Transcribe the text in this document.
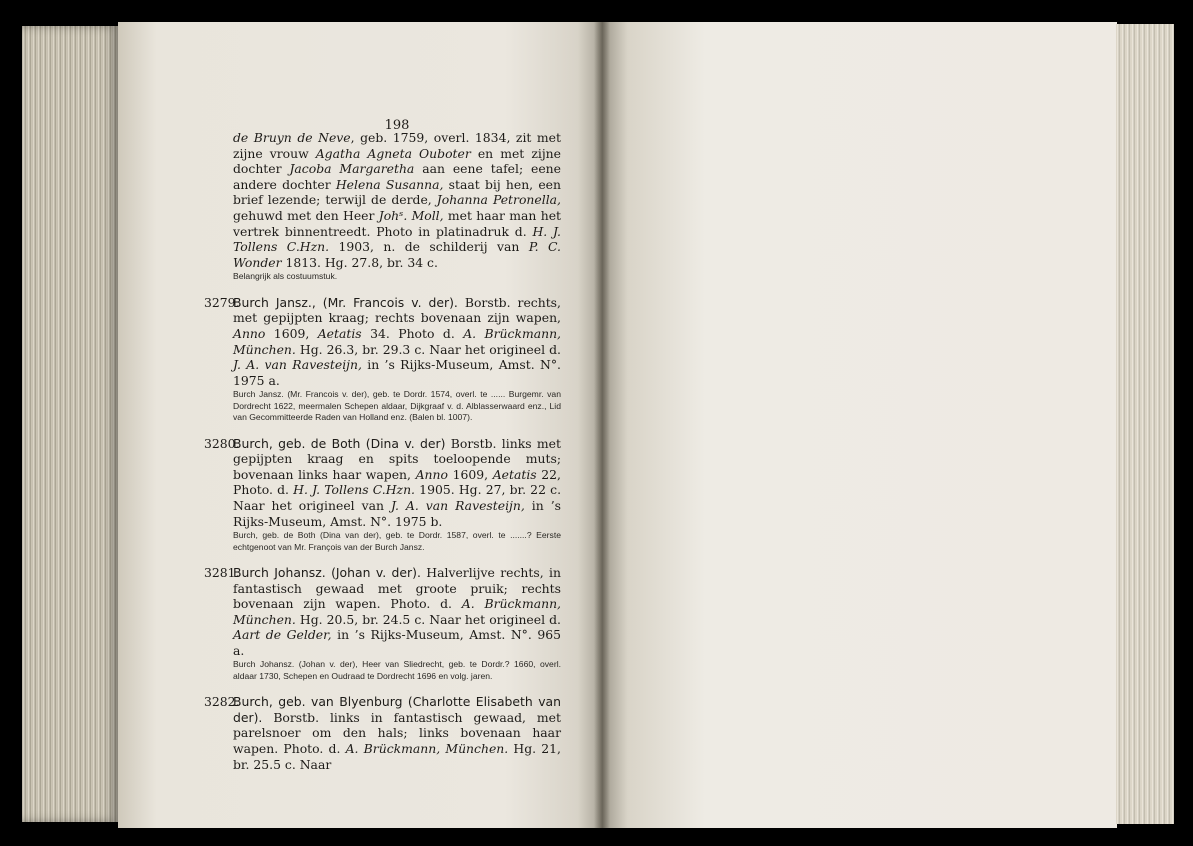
198

de Bruyn de Neve, geb. 1759, overl. 1834, zit met zijne vrouw Agatha Agneta Ouboter en met zijne dochter Jacoba Margaretha aan eene tafel; eene andere dochter Helena Susanna, staat bij hen, een brief lezende; terwijl de derde, Johanna Petronella, gehuwd met den Heer Johˢ. Moll, met haar man het vertrek binnentreedt. Photo in platinadruk d. H. J. Tollens C.Hzn. 1903, n. de schilderij van P. C. Wonder 1813. Hg. 27.8, br. 34 c.

Belangrijk als costuumstuk.

3279.

Burch Jansz., (Mr. Francois v. der). Borstb. rechts, met gepijpten kraag; rechts bovenaan zijn wapen, Anno 1609, Aetatis 34. Photo d. A. Brückmann, München. Hg. 26.3, br. 29.3 c. Naar het origineel d. J. A. van Ravesteijn, in ’s Rijks-Museum, Amst. N°. 1975 a.

Burch Jansz. (Mr. Francois v. der), geb. te Dordr. 1574, overl. te ...... Burgemr. van Dordrecht 1622, meermalen Schepen aldaar, Dijkgraaf v. d. Alblasserwaard enz., Lid van Gecommitteerde Raden van Holland enz. (Balen bl. 1007).

3280.

Burch, geb. de Both (Dina v. der) Borstb. links met gepijpten kraag en spits toeloopende muts; bovenaan links haar wapen, Anno 1609, Aetatis 22, Photo. d. H. J. Tollens C.Hzn. 1905. Hg. 27, br. 22 c. Naar het origineel van J. A. van Ravesteijn, in ’s Rijks-Museum, Amst. N°. 1975 b.

Burch, geb. de Both (Dina van der), geb. te Dordr. 1587, overl. te .......? Eerste echtgenoot van Mr. François van der Burch Jansz.

3281.

Burch Johansz. (Johan v. der). Halverlijve rechts, in fantastisch gewaad met groote pruik; rechts bovenaan zijn wapen. Photo. d. A. Brückmann, München. Hg. 20.5, br. 24.5 c. Naar het origineel d. Aart de Gelder, in ’s Rijks-Museum, Amst. N°. 965 a.

Burch Johansz. (Johan v. der), Heer van Sliedrecht, geb. te Dordr.? 1660, overl. aldaar 1730, Schepen en Oudraad te Dordrecht 1696 en volg. jaren.

3282.

Burch, geb. van Blyenburg (Charlotte Elisabeth van der). Borstb. links in fantastisch gewaad, met parelsnoer om den hals; links bovenaan haar wapen. Photo. d. A. Brückmann, München. Hg. 21, br. 25.5 c. Naar
